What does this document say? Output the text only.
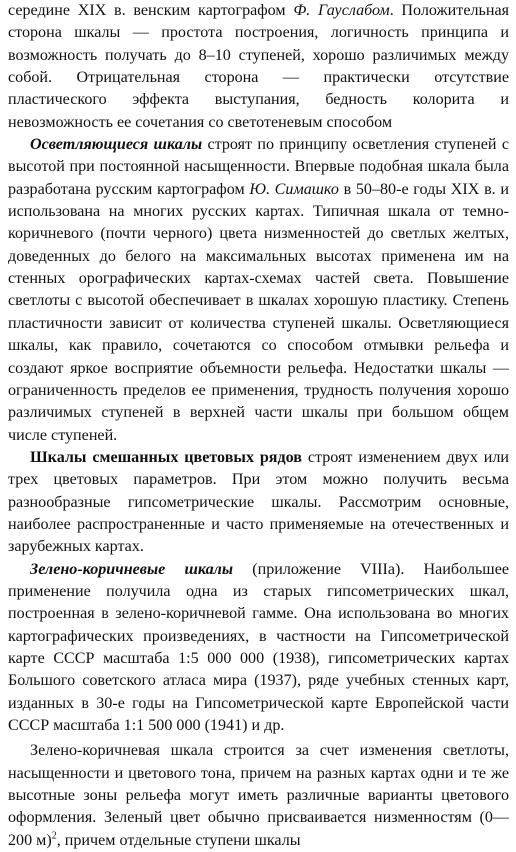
середине XIX в. венским картографом Ф. Гауслабом. Положительная сторона шкалы — простота построения, логичность принципа и возможность получать до 8–10 ступеней, хорошо различимых между собой. Отрицательная сторона — практически отсутствие пластического эффекта выступания, бедность колорита и невозможность ее сочетания со светотеневым способом

Осветляющиеся шкалы строят по принципу осветления ступеней с высотой при постоянной насыщенности. Впервые подобная шкала была разработана русским картографом Ю. Симашко в 50–80-е годы XIX в. и использована на многих русских картах. Типичная шкала от темно-коричневого (почти черного) цвета низменностей до светлых желтых, доведенных до белого на максимальных высотах применена им на стенных орографических картах-схемах частей света. Повышение светлоты с высотой обеспечивает в шкалах хорошую пластику. Степень пластичности зависит от количества ступеней шкалы. Осветляющиеся шкалы, как правило, сочетаются со способом отмывки рельефа и создают яркое восприятие объемности рельефа. Недостатки шкалы — ограниченность пределов ее применения, трудность получения хорошо различимых ступеней в верхней части шкалы при большом общем числе ступеней.

Шкалы смешанных цветовых рядов строят изменением двух или трех цветовых параметров. При этом можно получить весьма разнообразные гипсометрические шкалы. Рассмотрим основные, наиболее распространенные и часто применяемые на отечественных и зарубежных картах.

Зелено-коричневые шкалы (приложение VIIIa). Наибольшее применение получила одна из старых гипсометрических шкал, построенная в зелено-коричневой гамме. Она использована во многих картографических произведениях, в частности на Гипсометрической карте СССР масштаба 1:5 000 000 (1938), гипсометрических картах Большого советского атласа мира (1937), ряде учебных стенных карт, изданных в 30-е годы на Гипсометрической карте Европейской части СССР масштаба 1:1 500 000 (1941) и др.

Зелено-коричневая шкала строится за счет изменения светлоты, насыщенности и цветового тона, причем на разных картах одни и те же высотные зоны рельефа могут иметь различные варианты цветового оформления. Зеленый цвет обычно присваивается низменностям (0—200 м)$^2$, причем отдельные ступени шкалы
